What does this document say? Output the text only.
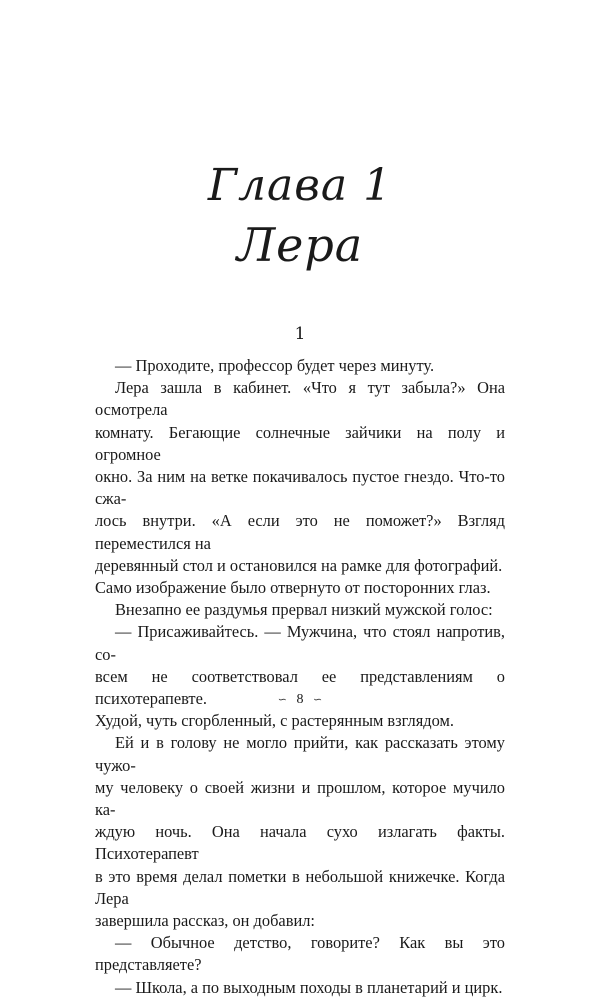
Глава 1
Лера
1

— Проходите, профессор будет через минуту.

Лера зашла в кабинет. «Что я тут забыла?» Она осмотрела
комнату. Бегающие солнечные зайчики на полу и огромное
окно. За ним на ветке покачивалось пустое гнездо. Что-то сжа-
лось внутри. «А если это не поможет?» Взгляд переместился на
деревянный стол и остановился на рамке для фотографий.
Само изображение было отвернуто от посторонних глаз.

Внезапно ее раздумья прервал низкий мужской голос:

— Присаживайтесь. — Мужчина, что стоял напротив, со-
всем не соответствовал ее представлениям о психотерапевте.
Худой, чуть сгорбленный, с растерянным взглядом.

Ей и в голову не могло прийти, как рассказать этому чужо-
му человеку о своей жизни и прошлом, которое мучило ка-
ждую ночь. Она начала сухо излагать факты. Психотерапевт
в это время делал пометки в небольшой книжечке. Когда Лера
завершила рассказ, он добавил:

— Обычное детство, говорите? Как вы это представляете?

— Школа, а по выходным походы в планетарий и цирк.

∽ 8 ∽
